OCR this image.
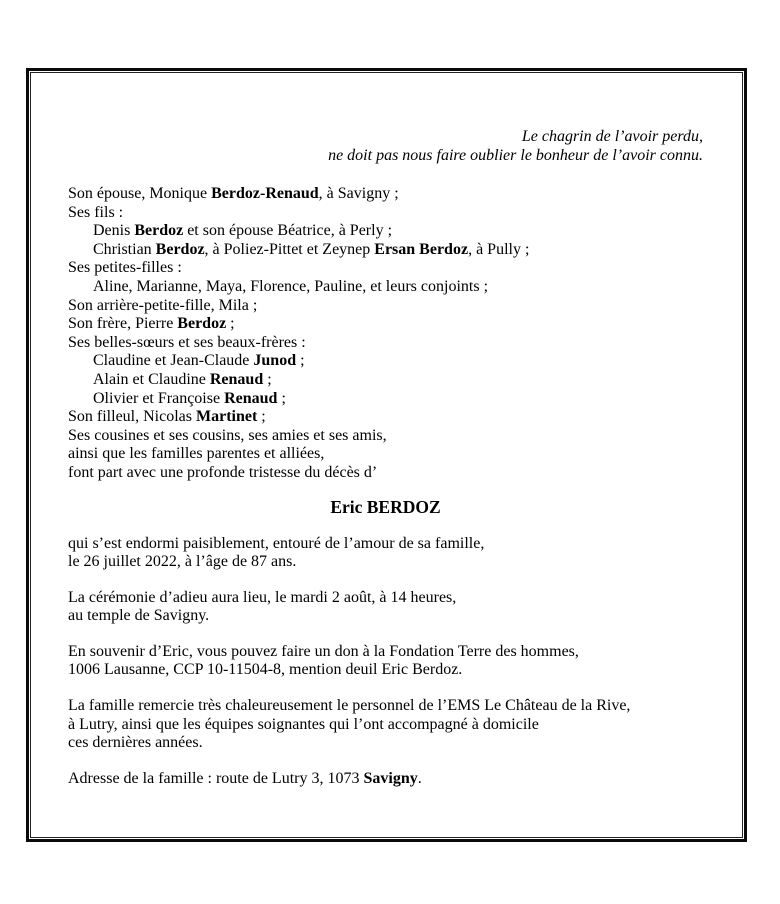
Le chagrin de l’avoir perdu,
ne doit pas nous faire oublier le bonheur de l’avoir connu.
Son épouse, Monique Berdoz-Renaud, à Savigny ;
Ses fils :
Denis Berdoz et son épouse Béatrice, à Perly ;
Christian Berdoz, à Poliez-Pittet et Zeynep Ersan Berdoz, à Pully ;
Ses petites-filles :
Aline, Marianne, Maya, Florence, Pauline, et leurs conjoints ;
Son arrière-petite-fille, Mila ;
Son frère, Pierre Berdoz ;
Ses belles-sœurs et ses beaux-frères :
Claudine et Jean-Claude Junod ;
Alain et Claudine Renaud ;
Olivier et Françoise Renaud ;
Son filleul, Nicolas Martinet ;
Ses cousines et ses cousins, ses amies et ses amis,
ainsi que les familles parentes et alliées,
font part avec une profonde tristesse du décès d’
Eric BERDOZ
qui s’est endormi paisiblement, entouré de l’amour de sa famille,
le 26 juillet 2022, à l’âge de 87 ans.
La cérémonie d’adieu aura lieu, le mardi 2 août, à 14 heures,
au temple de Savigny.
En souvenir d’Eric, vous pouvez faire un don à la Fondation Terre des hommes,
1006 Lausanne, CCP 10-11504-8, mention deuil Eric Berdoz.
La famille remercie très chaleureusement le personnel de l’EMS Le Château de la Rive,
à Lutry, ainsi que les équipes soignantes qui l’ont accompagné à domicile
ces dernières années.
Adresse de la famille : route de Lutry 3, 1073 Savigny.
